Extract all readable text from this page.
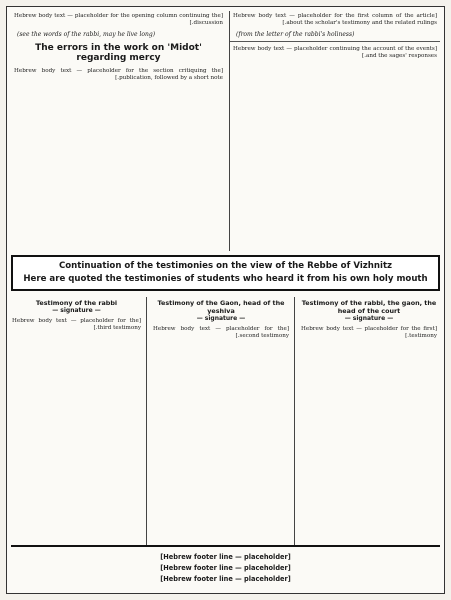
[Hebrew body text — placeholder for the first column of the article about the scholar's testimony and the related rulings.]
(from the letter of the rabbi's holiness)
[Hebrew body text — placeholder continuing the account of the events and the sages' responses.]
[Hebrew body text — placeholder for the opening column continuing the discussion.]
(see the words of the rabbi, may he live long)
The errors in the work on 'Midot' regarding mercy
[Hebrew body text — placeholder for the section critiquing the publication, followed by a short note.]
Continuation of the testimonies on the view of the Rebbe of Vizhnitz
Here are quoted the testimonies of students who heard it from his own holy mouth
Testimony of the rabbi, the gaon, the head of the court
— signature —
[Hebrew body text — placeholder for the first testimony.]
Testimony of the Gaon, head of the yeshiva
— signature —
[Hebrew body text — placeholder for the second testimony.]
Testimony of the rabbi
— signature —
[Hebrew body text — placeholder for the third testimony.]
[Hebrew footer line — placeholder]
[Hebrew footer line — placeholder]
[Hebrew footer line — placeholder]
